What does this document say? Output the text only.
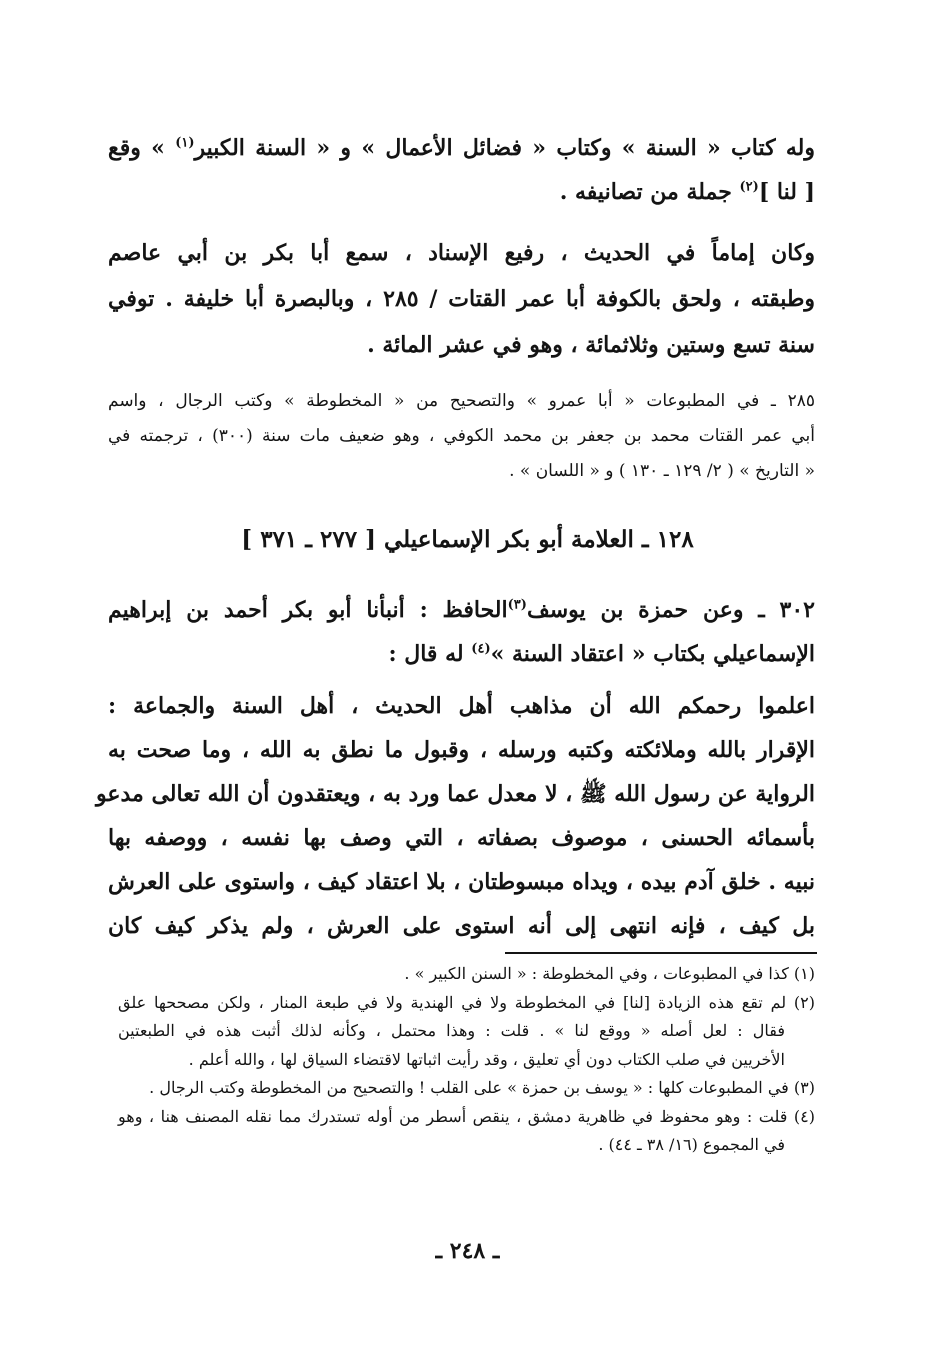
وله كتاب « السنة » وكتاب « فضائل الأعمال » و « السنة الكبير$^{(١)}$ » وقع
[ لنا ]$^{(٢)}$ جملة من تصانيفه .
وكان إماماً في الحديث ، رفيع الإسناد ، سمع أبا بكر بن أبي عاصم
وطبقته ، ولحق بالكوفة أبا عمر القتات / ٢٨٥ ، وبالبصرة أبا خليفة . توفي
سنة تسع وستين وثلاثمائة ، وهو في عشر المائة .
٢٨٥ ـ في المطبوعات « أبا عمرو » والتصحيح من « المخطوطة » وكتب الرجال ، واسم
أبي عمر القتات محمد بن جعفر بن محمد الكوفي ، وهو ضعيف مات سنة (٣٠٠) ، ترجمته في
« التاريخ » ( ٢/ ١٢٩ ـ ١٣٠ ) و « اللسان » .
١٢٨ ـ العلامة أبو بكر الإسماعيلي [ ٢٧٧ ـ ٣٧١ ]
٣٠٢ ـ وعن حمزة بن يوسف$^{(٣)}$الحافظ : أنبأنا أبو بكر أحمد بن إبراهيم
الإسماعيلي بكتاب « اعتقاد السنة »$^{(٤)}$ له قال :
اعلموا رحمكم الله أن مذاهب أهل الحديث ، أهل السنة والجماعة :
الإقرار بالله وملائكته وكتبه ورسله ، وقبول ما نطق به الله ، وما صحت به
الرواية عن رسول الله ﷺ ، لا معدل عما ورد به ، ويعتقدون أن الله تعالى مدعو
بأسمائه الحسنى ، موصوف بصفاته ، التي وصف بها نفسه ، ووصفه بها
نبيه . خلق آدم بيده ، ويداه مبسوطتان ، بلا اعتقاد كيف ، واستوى على العرش
بل كيف ، فإنه انتهى إلى أنه استوى على العرش ، ولم يذكر كيف كان
(١) كذا في المطبوعات ، وفي المخطوطة : « السنن الكبير » .
(٢) لم تقع هذه الزيادة [لنا] في المخطوطة ولا في الهندية ولا في طبعة المنار ، ولكن مصححها علق
فقال : لعل أصله « ووقع لنا » . قلت : وهذا محتمل ، وكأنه لذلك أثبت هذه في الطبعتين
الأخريين في صلب الكتاب دون أي تعليق ، وقد رأيت اثباتها لاقتضاء السياق لها ، والله أعلم .
(٣) في المطبوعات كلها : « يوسف بن حمزة » على القلب ! والتصحيح من المخطوطة وكتب الرجال .
(٤) قلت : وهو محفوظ في ظاهرية دمشق ، ينقص أسطر من أوله تستدرك مما نقله المصنف هنا ، وهو
في المجموع (١٦/ ٣٨ ـ ٤٤) .
ـ ٢٤٨ ـ
